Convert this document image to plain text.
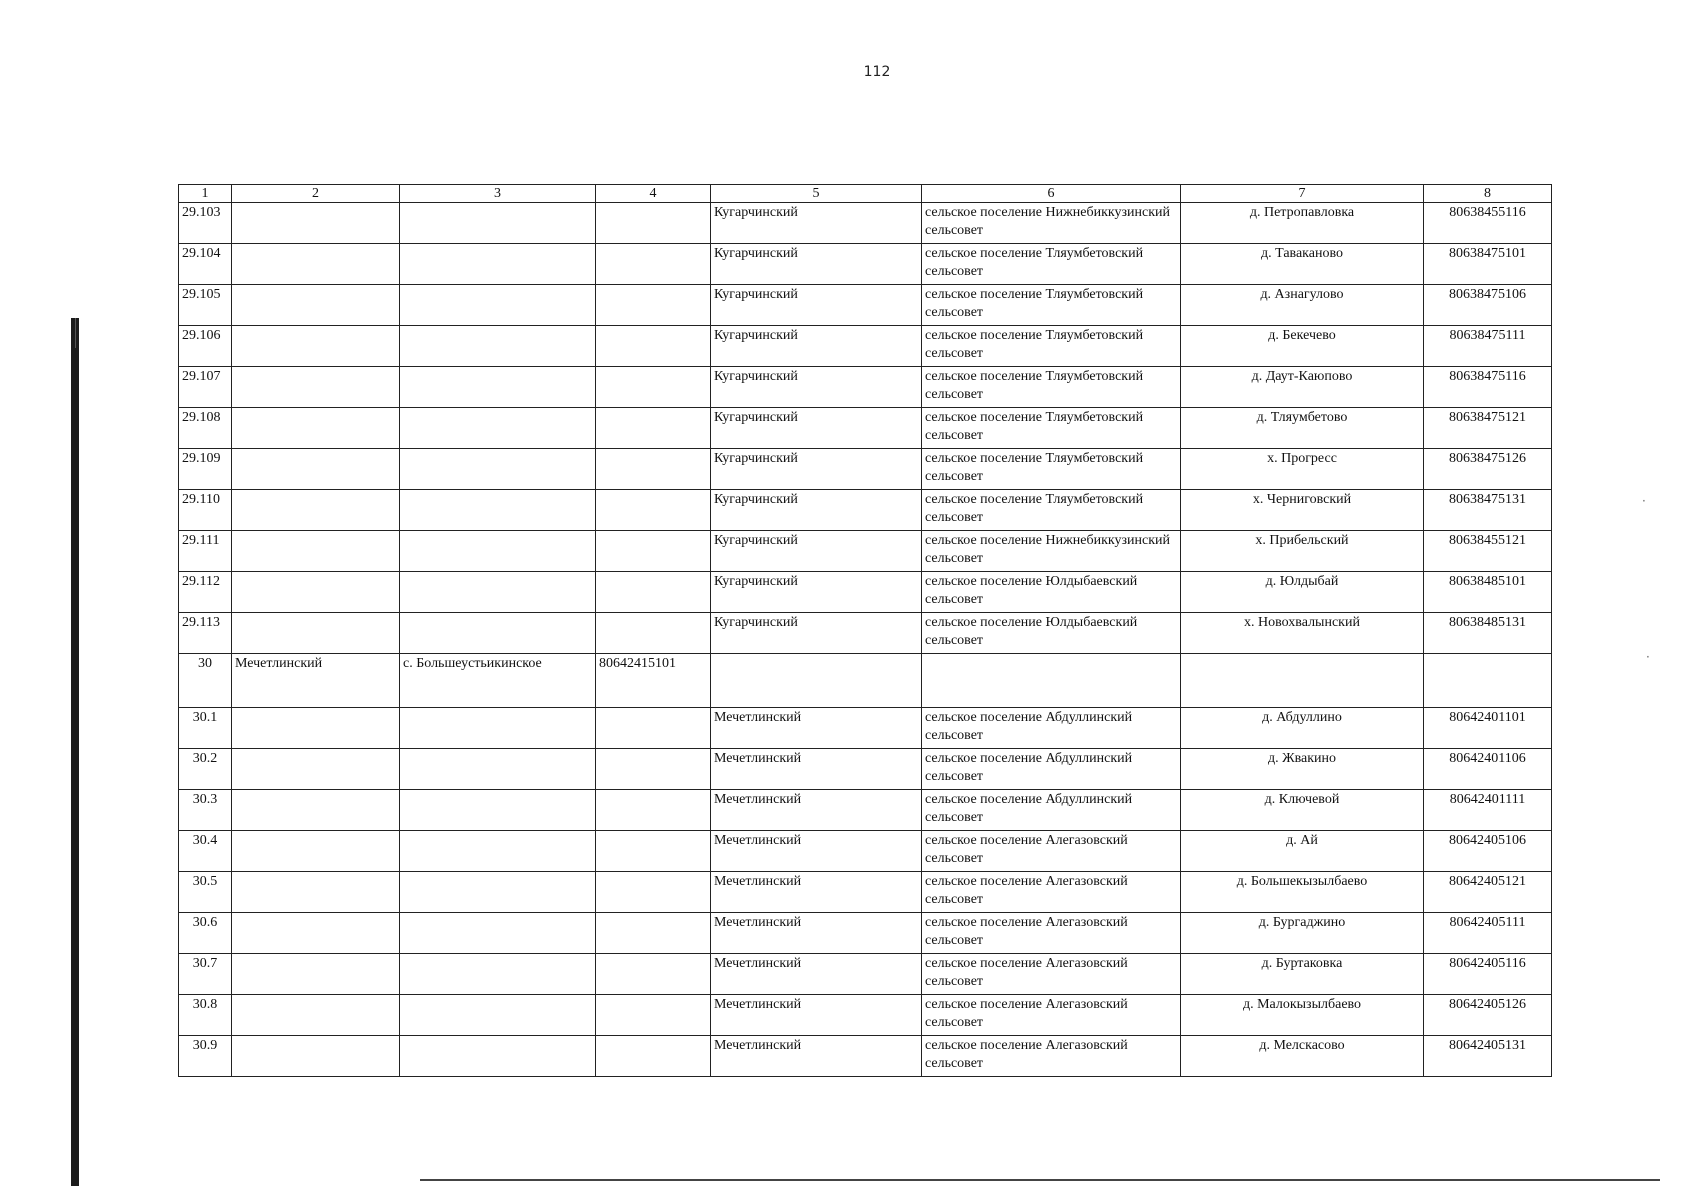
112
·
·
1	2	3	4	5	6	7	8
29.103				Кугарчинский	сельское поселение Нижнебиккузинский сельсовет	д. Петропавловка	80638455116
29.104				Кугарчинский	сельское поселение Тляумбетовский сельсовет	д. Таваканово	80638475101
29.105				Кугарчинский	сельское поселение Тляумбетовский сельсовет	д. Азнагулово	80638475106
29.106				Кугарчинский	сельское поселение Тляумбетовский сельсовет	д. Бекечево	80638475111
29.107				Кугарчинский	сельское поселение Тляумбетовский сельсовет	д. Даут-Каюпово	80638475116
29.108				Кугарчинский	сельское поселение Тляумбетовский сельсовет	д. Тляумбетово	80638475121
29.109				Кугарчинский	сельское поселение Тляумбетовский сельсовет	х. Прогресс	80638475126
29.110				Кугарчинский	сельское поселение Тляумбетовский сельсовет	х. Черниговский	80638475131
29.111				Кугарчинский	сельское поселение Нижнебиккузинский сельсовет	х. Прибельский	80638455121
29.112				Кугарчинский	сельское поселение Юлдыбаевский сельсовет	д. Юлдыбай	80638485101
29.113				Кугарчинский	сельское поселение Юлдыбаевский сельсовет	х. Новохвалынский	80638485131
30	Мечетлинский	с. Большеустьикинское	80642415101				
30.1				Мечетлинский	сельское поселение Абдуллинский сельсовет	д. Абдуллино	80642401101
30.2				Мечетлинский	сельское поселение Абдуллинский сельсовет	д. Жвакино	80642401106
30.3				Мечетлинский	сельское поселение Абдуллинский сельсовет	д. Ключевой	80642401111
30.4				Мечетлинский	сельское поселение Алегазовский сельсовет	д. Ай	80642405106
30.5				Мечетлинский	сельское поселение Алегазовский сельсовет	д. Большекызылбаево	80642405121
30.6				Мечетлинский	сельское поселение Алегазовский сельсовет	д. Бургаджино	80642405111
30.7				Мечетлинский	сельское поселение Алегазовский сельсовет	д. Буртаковка	80642405116
30.8				Мечетлинский	сельское поселение Алегазовский сельсовет	д. Малокызылбаево	80642405126
30.9				Мечетлинский	сельское поселение Алегазовский сельсовет	д. Мелскасово	80642405131
